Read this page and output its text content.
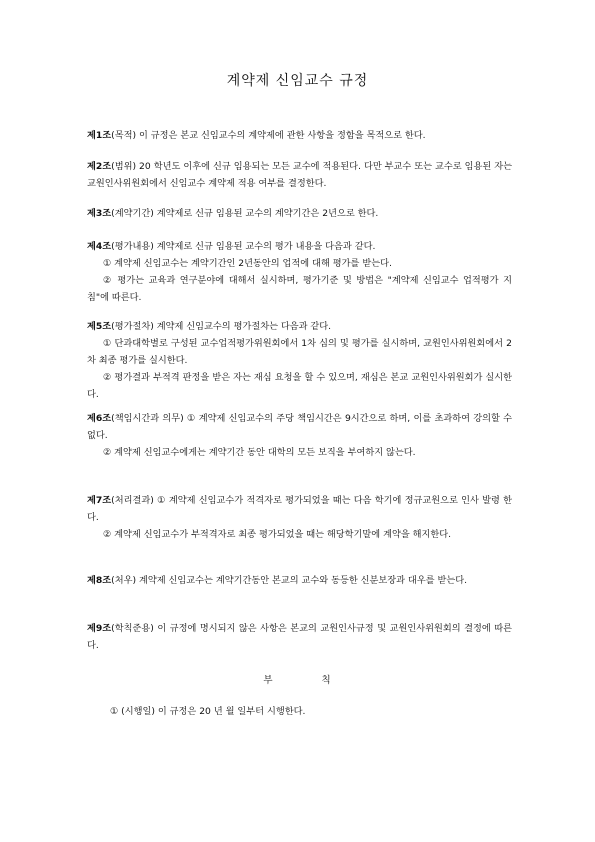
계약제 신임교수 규정

제1조(목적) 이 규정은 본교 신임교수의 계약제에 관한 사항을 정함을 목적으로 한다.

제2조(범위) 20 학년도 이후에 신규 임용되는 모든 교수에 적용된다. 다만 부교수 또는 교수로 임용된 자는 교원인사위원회에서 신임교수 계약제 적용 여부를 결정한다.

제3조(계약기간) 계약제로 신규 임용된 교수의 계약기간은 2년으로 한다.

제4조(평가내용) 계약제로 신규 임용된 교수의 평가 내용을 다음과 같다.

① 계약제 신임교수는 계약기간인 2년동안의 업적에 대해 평가를 받는다.

② 평가는 교육과 연구분야에 대해서 실시하며, 평가기준 및 방법은 "계약제 신임교수 업적평가 지침"에 따른다.

제5조(평가절차) 계약제 신임교수의 평가절차는 다음과 같다.

① 단과대학별로 구성된 교수업적평가위원회에서 1차 심의 및 평가를 실시하며, 교원인사위원회에서 2차 최종 평가를 실시한다.

② 평가결과 부적격 판정을 받은 자는 재심 요청을 할 수 있으며, 재심은 본교 교원인사위원회가 실시한다.

제6조(책임시간과 의무) ① 계약제 신임교수의 주당 책임시간은 9시간으로 하며, 이를 초과하여 강의할 수 없다.

② 계약제 신임교수에게는 계약기간 동안 대학의 모든 보직을 부여하지 않는다.

제7조(처리결과) ① 계약제 신임교수가 적격자로 평가되었을 때는 다음 학기에 정규교원으로 인사 발령 한다.

② 계약제 신임교수가 부적격자로 최종 평가되었을 때는 해당학기말에 계약을 해지한다.

제8조(처우) 계약제 신임교수는 계약기간동안 본교의 교수와 동등한 신분보장과 대우를 받는다.

제9조(학칙준용) 이 규정에 명시되지 않은 사항은 본교의 교원인사규정 및 교원인사위원회의 결정에 따른다.

부	칙
① (시행일) 이 규정은 20 년 월 일부터 시행한다.
